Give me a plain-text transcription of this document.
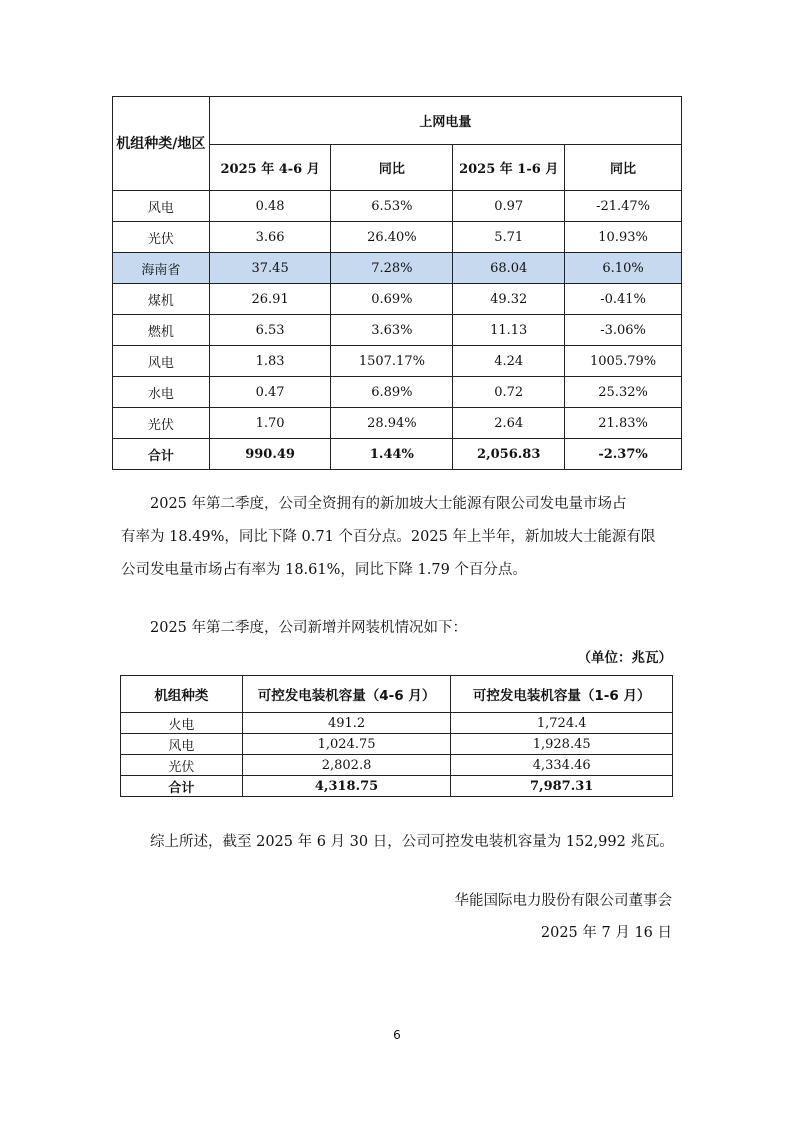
机组种类/地区	上网电量			
	2025 年 4-6 月	同比	2025 年 1-6 月	同比
风电	0.48	6.53%	0.97	-21.47%
光伏	3.66	26.40%	5.71	10.93%
海南省	37.45	7.28%	68.04	6.10%
煤机	26.91	0.69%	49.32	-0.41%
燃机	6.53	3.63%	11.13	-3.06%
风电	1.83	1507.17%	4.24	1005.79%
水电	0.47	6.89%	0.72	25.32%
光伏	1.70	28.94%	2.64	21.83%
合计	990.49	1.44%	2,056.83	-2.37%

2025 年第二季度，公司全资拥有的新加坡大士能源有限公司发电量市场占

有率为 18.49%，同比下降 0.71 个百分点。2025 年上半年，新加坡大士能源有限

公司发电量市场占有率为 18.61%，同比下降 1.79 个百分点。

2025 年第二季度，公司新增并网装机情况如下：
（单位：兆瓦）
机组种类	可控发电装机容量（4-6 月）	可控发电装机容量（1-6 月）
火电	491.2	1,724.4
风电	1,024.75	1,928.45
光伏	2,802.8	4,334.46
合计	4,318.75	7,987.31
综上所述，截至 2025 年 6 月 30 日，公司可控发电装机容量为 152,992 兆瓦。
华能国际电力股份有限公司董事会
2025 年 7 月 16 日
6
